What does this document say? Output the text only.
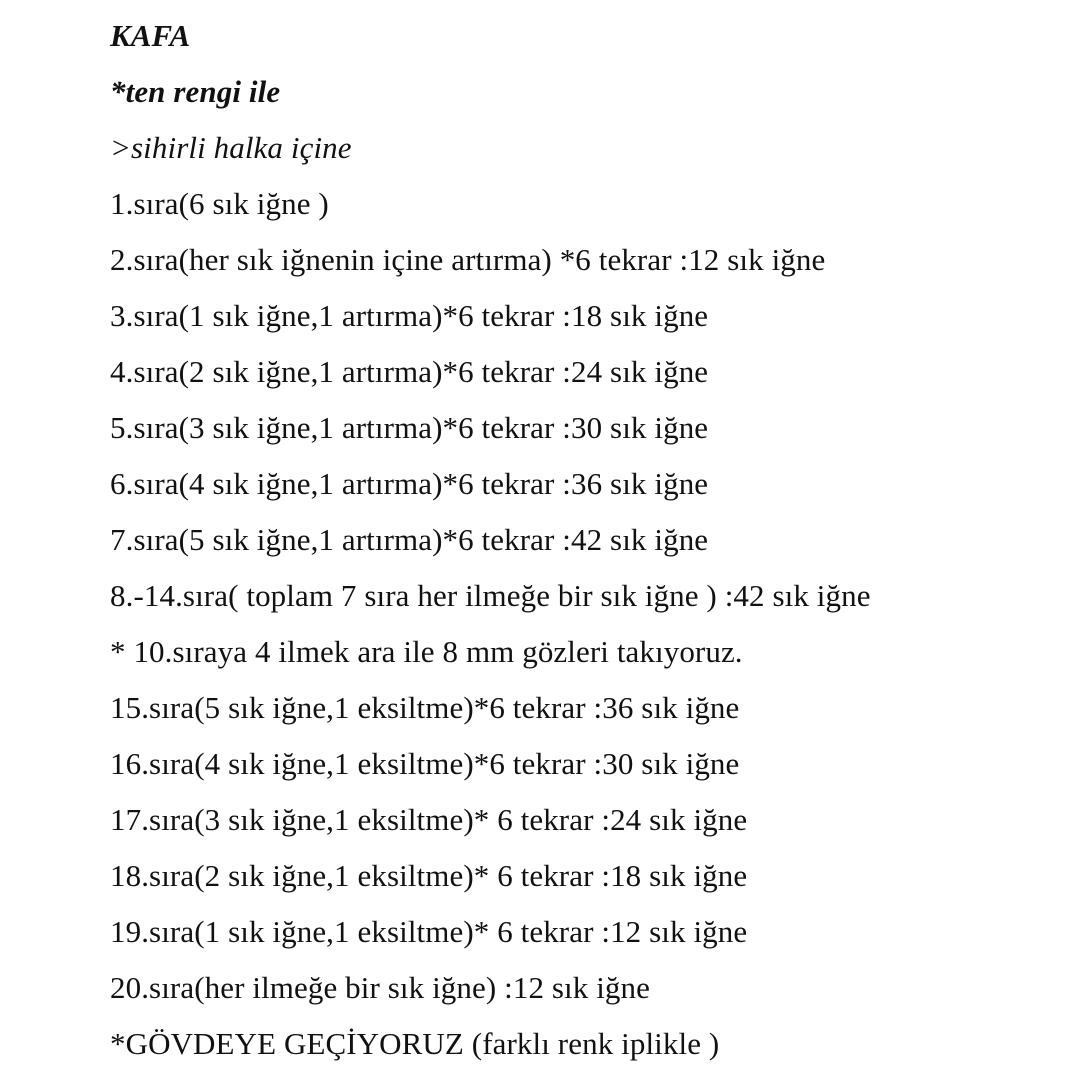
KAFA

*ten rengi ile

>sihirli halka içine

1.sıra(6 sık iğne )

2.sıra(her sık iğnenin içine artırma) *6 tekrar :12 sık iğne

3.sıra(1 sık iğne,1 artırma)*6 tekrar :18 sık iğne

4.sıra(2 sık iğne,1 artırma)*6 tekrar :24 sık iğne

5.sıra(3 sık iğne,1 artırma)*6 tekrar :30 sık iğne

6.sıra(4 sık iğne,1 artırma)*6 tekrar :36 sık iğne

7.sıra(5 sık iğne,1 artırma)*6 tekrar :42 sık iğne

8.-14.sıra( toplam 7 sıra her ilmeğe bir sık iğne ) :42 sık iğne

* 10.sıraya 4 ilmek ara ile 8 mm gözleri takıyoruz.

15.sıra(5 sık iğne,1 eksiltme)*6 tekrar :36 sık iğne

16.sıra(4 sık iğne,1 eksiltme)*6 tekrar :30 sık iğne

17.sıra(3 sık iğne,1 eksiltme)* 6 tekrar :24 sık iğne

18.sıra(2 sık iğne,1 eksiltme)* 6 tekrar :18 sık iğne

19.sıra(1 sık iğne,1 eksiltme)* 6 tekrar :12 sık iğne

20.sıra(her ilmeğe bir sık iğne) :12 sık iğne

*GÖVDEYE GEÇİYORUZ (farklı renk iplikle )
